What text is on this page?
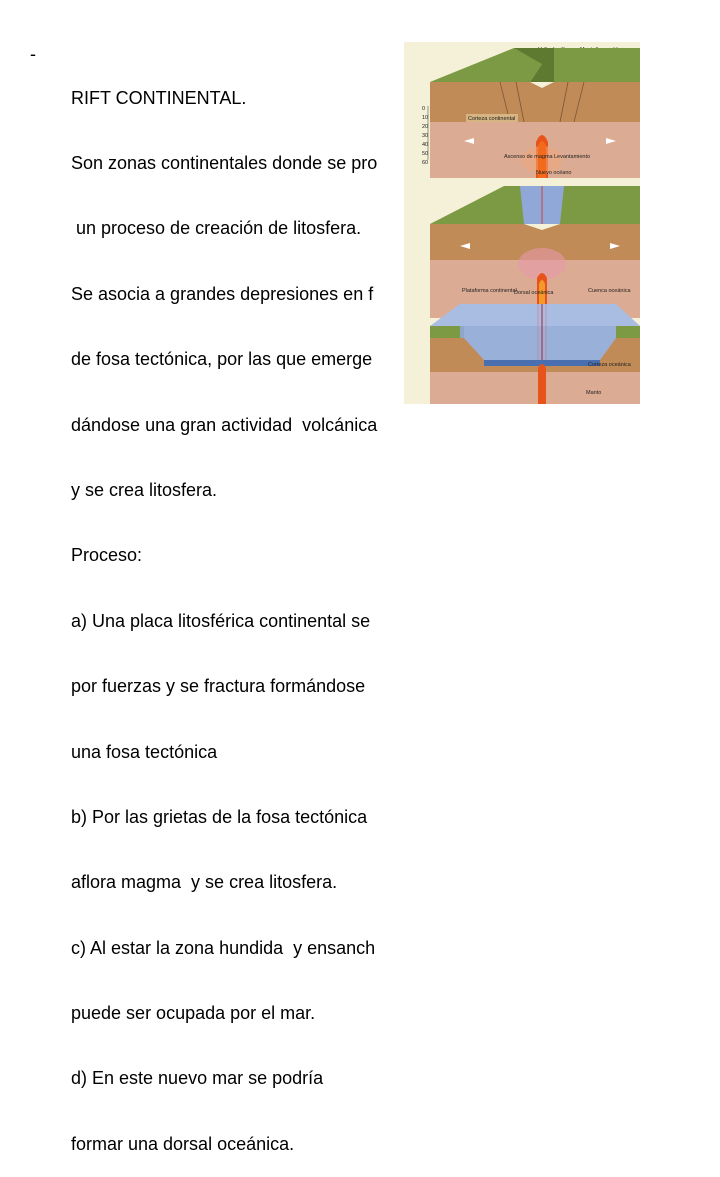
-

RIFT CONTINENTAL.

Son zonas continentales donde se pro

un proceso de creación de litosfera.

Se asocia a grandes depresiones en f

de fosa tectónica, por las que emerge

dándose una gran actividad  volcánica

y se crea litosfera.

Proceso:

a) Una placa litosférica continental se

por fuerzas y se fractura formándose

una fosa tectónica

b) Por las grietas de la fosa tectónica

aflora magma  y se crea litosfera.

c) Al estar la zona hundida  y ensanch

puede ser ocupada por el mar.

d) En este nuevo mar se podría

formar una dorsal oceánica.

0
10
20
30
40
50
60
Corteza continental
Ascenso de magma Levantamiento
Nuevo océano
Plataforma continental
Dorsal oceánica	Cuenca oceánica
Corteza oceánica
Manto
